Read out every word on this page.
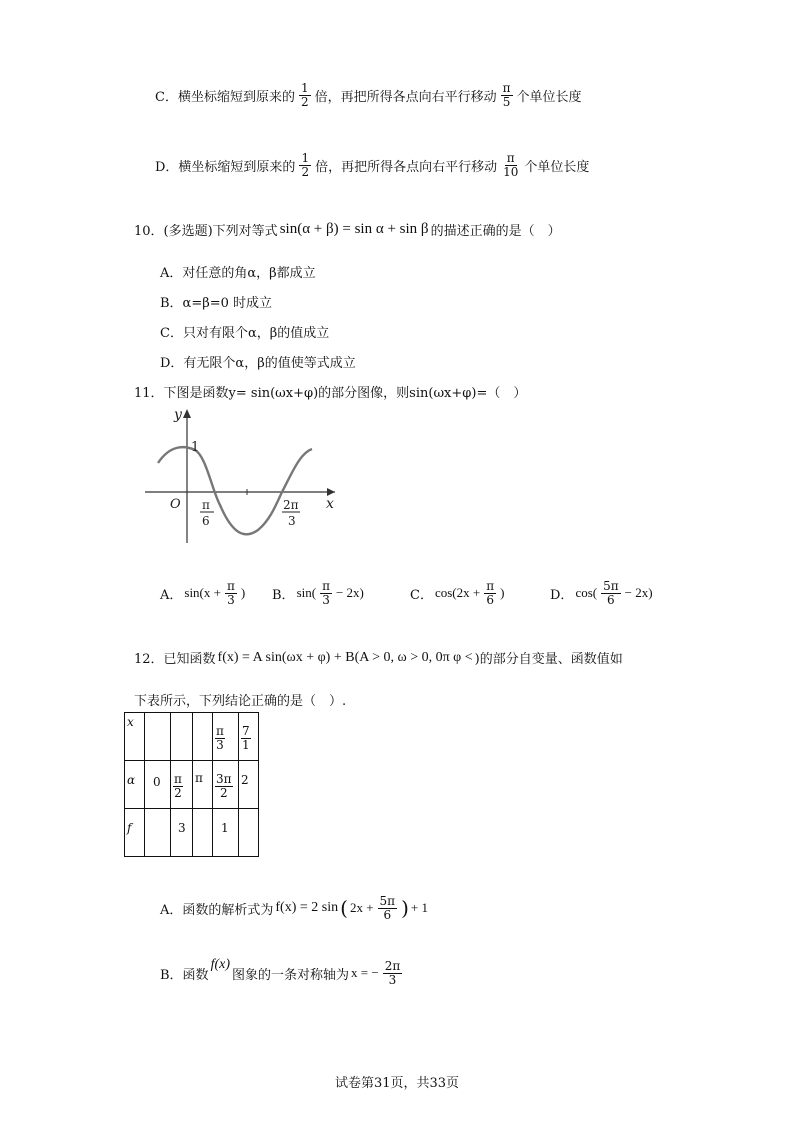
C．横坐标缩短到原来的 $\frac{1}{2}$ 倍，再把所得各点向右平行移动 $\frac{\pi}{5}$ 个单位长度
D．横坐标缩短到原来的 $\frac{1}{2}$ 倍，再把所得各点向右平行移动 $\frac{\pi}{10}$ 个单位长度
10．(多选题)下列对等式 sin(α + β) = sin α + sin β 的描述正确的是（　）
A．对任意的角α，β都成立
B．α=β=0 时成立
C．只对有限个α，β的值成立
D．有无限个α，β的值使等式成立
11．下图是函数y= sin(ωx+φ)的部分图像，则sin(ωx+φ)=（　）
y
1
O	x
π
6
2π
3
A． $\sin(x + \frac{\pi}{3}$ ) B． $\sin( \frac{\pi}{3} - 2x)$	C． $\cos(2x + \frac{\pi}{6}$ )	D． $\cos( \frac{5\pi}{6} - 2x)$
12．已知函数 f(x) = A sin(ωx + φ) + B(A > 0, ω > 0, 0π φ < )的部分自变量、函数值如
下表所示，下列结论正确的是（　）.
x				$\frac{\pi}{3}$	$\frac{7}{1}$

α	0	$\frac{\pi}{2}$	π	$\frac{3\pi}{2}$	2
f		3		1	
A．函数的解析式为 f(x) = 2 sin ( $2x + \frac{5\pi}{6}$ ) + 1
B．函数
f(x)
图象的一条对称轴为 x = − $\frac{2\pi}{3}$
试卷第31页，共33页
